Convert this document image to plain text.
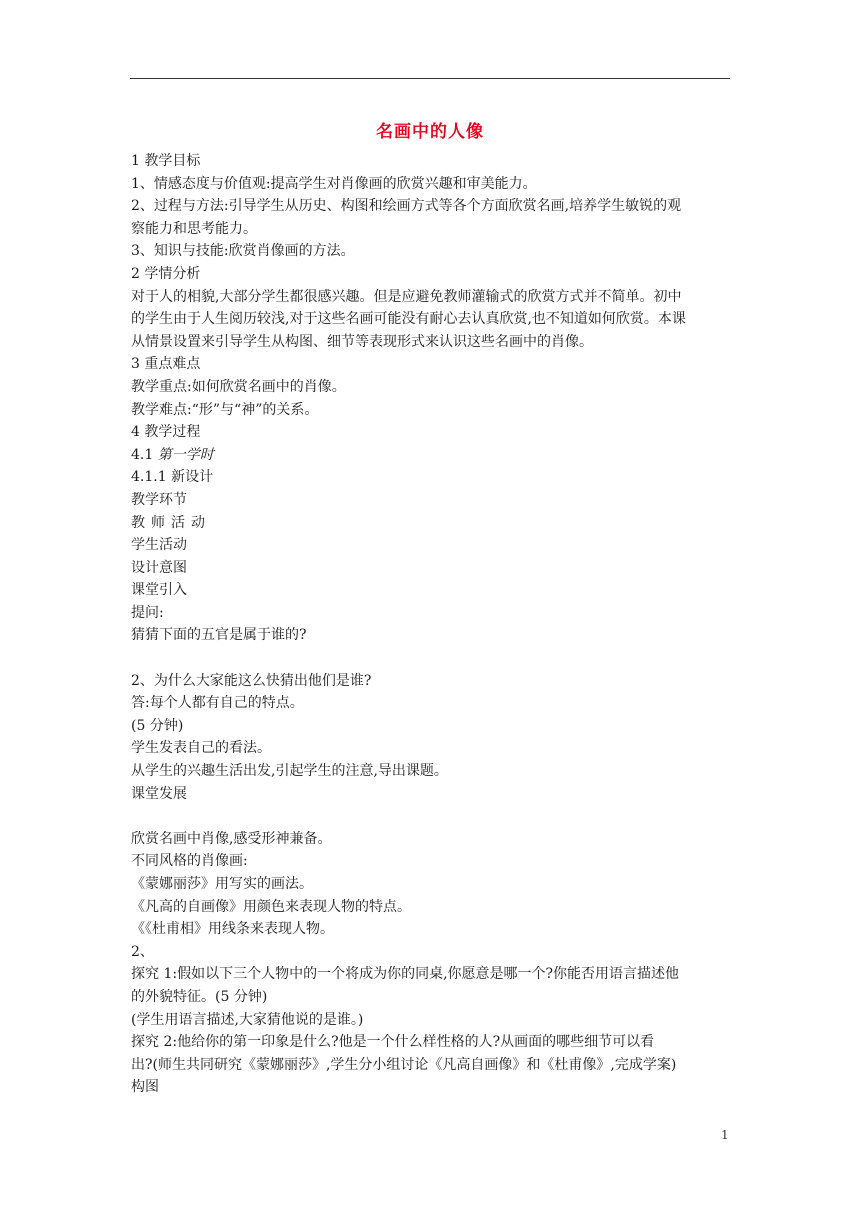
名画中的人像
1 教学目标
1、情感态度与价值观:提高学生对肖像画的欣赏兴趣和审美能力。
2、过程与方法:引导学生从历史、构图和绘画方式等各个方面欣赏名画,培养学生敏锐的观
察能力和思考能力。
3、知识与技能:欣赏肖像画的方法。
2 学情分析
对于人的相貌,大部分学生都很感兴趣。但是应避免教师灌输式的欣赏方式并不简单。初中
的学生由于人生阅历较浅,对于这些名画可能没有耐心去认真欣赏,也不知道如何欣赏。本课
从情景设置来引导学生从构图、细节等表现形式来认识这些名画中的肖像。
3 重点难点
教学重点:如何欣赏名画中的肖像。
教学难点:“形”与“神”的关系。
4 教学过程
4.1 第一学时
4.1.1 新设计
教学环节
教师活动
学生活动
设计意图
课堂引入
提问:
猜猜下面的五官是属于谁的?
2、为什么大家能这么快猜出他们是谁?
答:每个人都有自己的特点。
(5 分钟)
学生发表自己的看法。
从学生的兴趣生活出发,引起学生的注意,导出课题。
课堂发展
欣赏名画中肖像,感受形神兼备。
不同风格的肖像画:
《蒙娜丽莎》用写实的画法。
《凡高的自画像》用颜色来表现人物的特点。
《《杜甫相》用线条来表现人物。
2、
探究 1:假如以下三个人物中的一个将成为你的同桌,你愿意是哪一个?你能否用语言描述他
的外貌特征。(5 分钟)
(学生用语言描述,大家猜他说的是谁。)
探究 2:他给你的第一印象是什么?他是一个什么样性格的人?从画面的哪些细节可以看
出?(师生共同研究《蒙娜丽莎》,学生分小组讨论《凡高自画像》和《杜甫像》,完成学案)
构图
1
